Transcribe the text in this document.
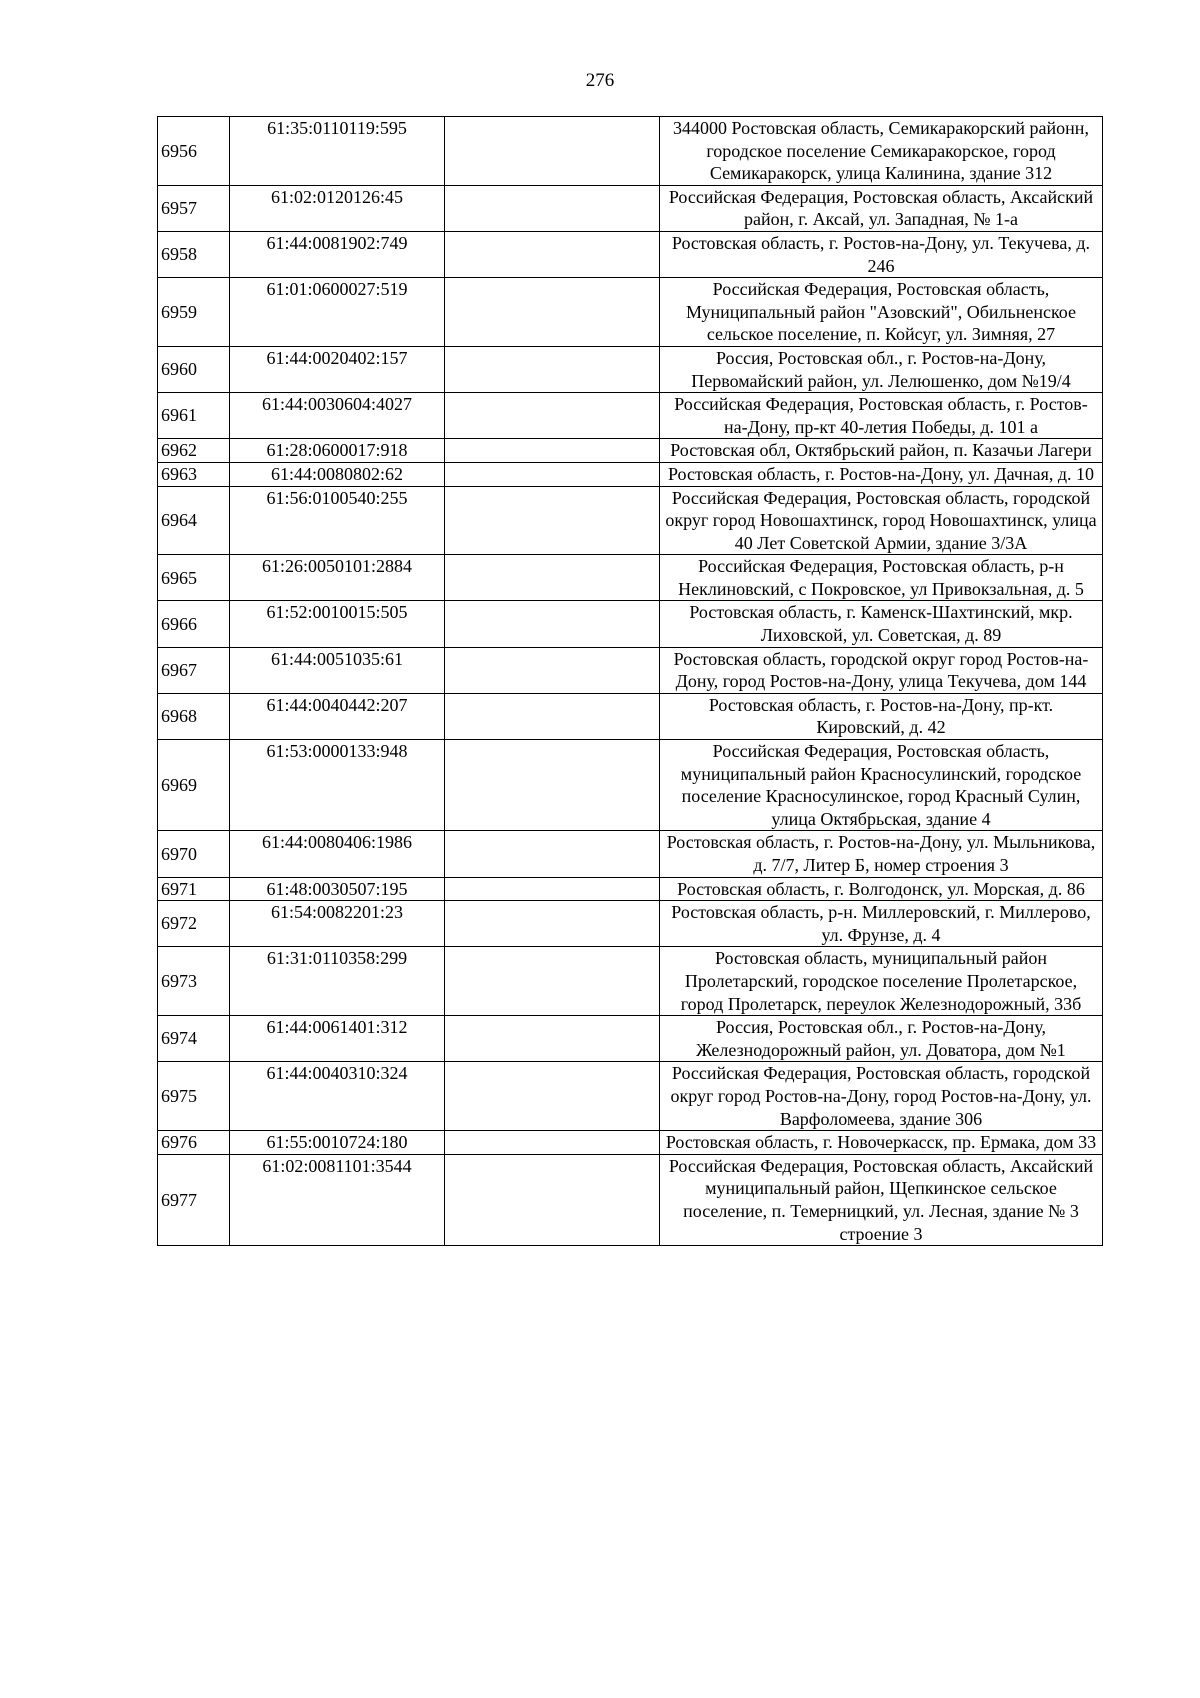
276
6956	61:35:0110119:595		344000 Ростовская область, Семикаракорский районн, городское поселение Семикаракорское, город Семикаракорск, улица Калинина, здание 312
6957	61:02:0120126:45		Российская Федерация, Ростовская область, Аксайский район, г. Аксай, ул. Западная, № 1-а
6958	61:44:0081902:749		Ростовская область, г. Ростов-на-Дону, ул. Текучева, д. 246
6959	61:01:0600027:519		Российская Федерация, Ростовская область, Муниципальный район "Азовский", Обильненское сельское поселение, п. Койсуг, ул. Зимняя, 27
6960	61:44:0020402:157		Россия, Ростовская обл., г. Ростов-на-Дону, Первомайский район, ул. Лелюшенко, дом №19/4
6961	61:44:0030604:4027		Российская Федерация, Ростовская область, г. Ростов-на-Дону, пр-кт 40-летия Победы, д. 101 а
6962	61:28:0600017:918		Ростовская обл, Октябрьский район, п. Казачьи Лагери
6963	61:44:0080802:62		Ростовская область, г. Ростов-на-Дону, ул. Дачная, д. 10
6964	61:56:0100540:255		Российская Федерация, Ростовская область, городской округ город Новошахтинск, город Новошахтинск, улица 40 Лет Советской Армии, здание 3/3А
6965	61:26:0050101:2884		Российская Федерация, Ростовская область, р-н Неклиновский, с Покровское, ул Привокзальная, д. 5
6966	61:52:0010015:505		Ростовская область, г. Каменск-Шахтинский, мкр. Лиховской, ул. Советская, д. 89
6967	61:44:0051035:61		Ростовская область, городской округ город Ростов-на-Дону, город Ростов-на-Дону, улица Текучева, дом 144
6968	61:44:0040442:207		Ростовская область, г. Ростов-на-Дону, пр-кт. Кировский, д. 42
6969	61:53:0000133:948		Российская Федерация, Ростовская область, муниципальный район Красносулинский, городское поселение Красносулинское, город Красный Сулин, улица Октябрьская, здание 4
6970	61:44:0080406:1986		Ростовская область, г. Ростов-на-Дону, ул. Мыльникова, д. 7/7, Литер Б, номер строения 3
6971	61:48:0030507:195		Ростовская область, г. Волгодонск, ул. Морская, д. 86
6972	61:54:0082201:23		Ростовская область, р-н. Миллеровский, г. Миллерово, ул. Фрунзе, д. 4
6973	61:31:0110358:299		Ростовская область, муниципальный район Пролетарский, городское поселение Пролетарское, город Пролетарск, переулок Железнодорожный, 33б
6974	61:44:0061401:312		Россия, Ростовская обл., г. Ростов-на-Дону, Железнодорожный район, ул. Доватора, дом №1
6975	61:44:0040310:324		Российская Федерация, Ростовская область, городской округ город Ростов-на-Дону, город Ростов-на-Дону, ул. Варфоломеева, здание 306
6976	61:55:0010724:180		Ростовская область, г. Новочеркасск, пр. Ермака, дом 33
6977	61:02:0081101:3544		Российская Федерация, Ростовская область, Аксайский муниципальный район, Щепкинское сельское поселение, п. Темерницкий, ул. Лесная, здание № 3 строение 3
